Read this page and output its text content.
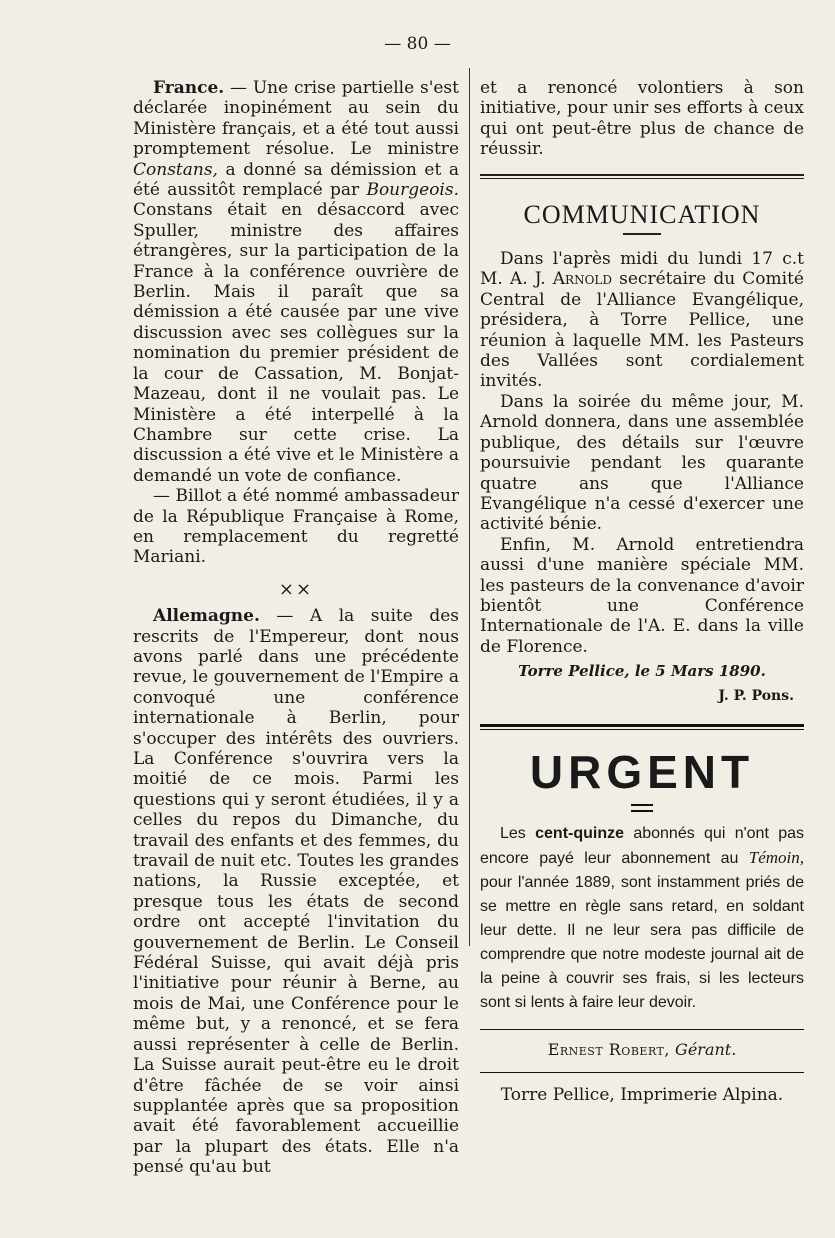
— 80 —

France. — Une crise partielle s'est déclarée inopinément au sein du Ministère français, et a été tout aussi promptement résolue. Le ministre Constans, a donné sa démission et a été aussitôt remplacé par Bourgeois. Constans était en désaccord avec Spuller, ministre des affaires étrangères, sur la participation de la France à la conférence ouvrière de Berlin. Mais il paraît que sa démission a été causée par une vive discussion avec ses collègues sur la nomination du premier président de la cour de Cassation, M. Bonjat-Mazeau, dont il ne voulait pas. Le Ministère a été interpellé à la Chambre sur cette crise. La discussion a été vive et le Ministère a demandé un vote de confiance.

— Billot a été nommé ambassadeur de la République Française à Rome, en remplacement du regretté Mariani.

××

Allemagne. — A la suite des rescrits de l'Empereur, dont nous avons parlé dans une précédente revue, le gouvernement de l'Empire a convoqué une conférence internationale à Berlin, pour s'occuper des intérêts des ouvriers. La Conférence s'ouvrira vers la moitié de ce mois. Parmi les questions qui y seront étudiées, il y a celles du repos du Dimanche, du travail des enfants et des femmes, du travail de nuit etc. Toutes les grandes nations, la Russie exceptée, et presque tous les états de second ordre ont accepté l'invitation du gouvernement de Berlin. Le Conseil Fédéral Suisse, qui avait déjà pris l'initiative pour réunir à Berne, au mois de Mai, une Conférence pour le même but, y a renoncé, et se fera aussi représenter à celle de Berlin. La Suisse aurait peut-être eu le droit d'être fâchée de se voir ainsi supplantée après que sa proposition avait été favorablement accueillie par la plupart des états. Elle n'a pensé qu'au but

et a renoncé volontiers à son initiative, pour unir ses efforts à ceux qui ont peut-être plus de chance de réussir.

COMMUNICATION

Dans l'après midi du lundi 17 c.t M. A. J. Arnold secrétaire du Comité Central de l'Alliance Evangélique, présidera, à Torre Pellice, une réunion à laquelle MM. les Pasteurs des Vallées sont cordialement invités.

Dans la soirée du même jour, M. Arnold donnera, dans une assemblée publique, des détails sur l'œuvre poursuivie pendant les quarante quatre ans que l'Alliance Evangélique n'a cessé d'exercer une activité bénie.

Enfin, M. Arnold entretiendra aussi d'une manière spéciale MM. les pasteurs de la convenance d'avoir bientôt une Conférence Internationale de l'A. E. dans la ville de Florence.

Torre Pellice, le 5 Mars 1890.
J. P. Pons.
URGENT

Les cent-quinze abonnés qui n'ont pas encore payé leur abonnement au Témoin, pour l'année 1889, sont instamment priés de se mettre en règle sans retard, en soldant leur dette. Il ne leur sera pas difficile de comprendre que notre modeste journal ait de la peine à couvrir ses frais, si les lecteurs sont si lents à faire leur devoir.

Ernest Robert, Gérant.
Torre Pellice, Imprimerie Alpina.
